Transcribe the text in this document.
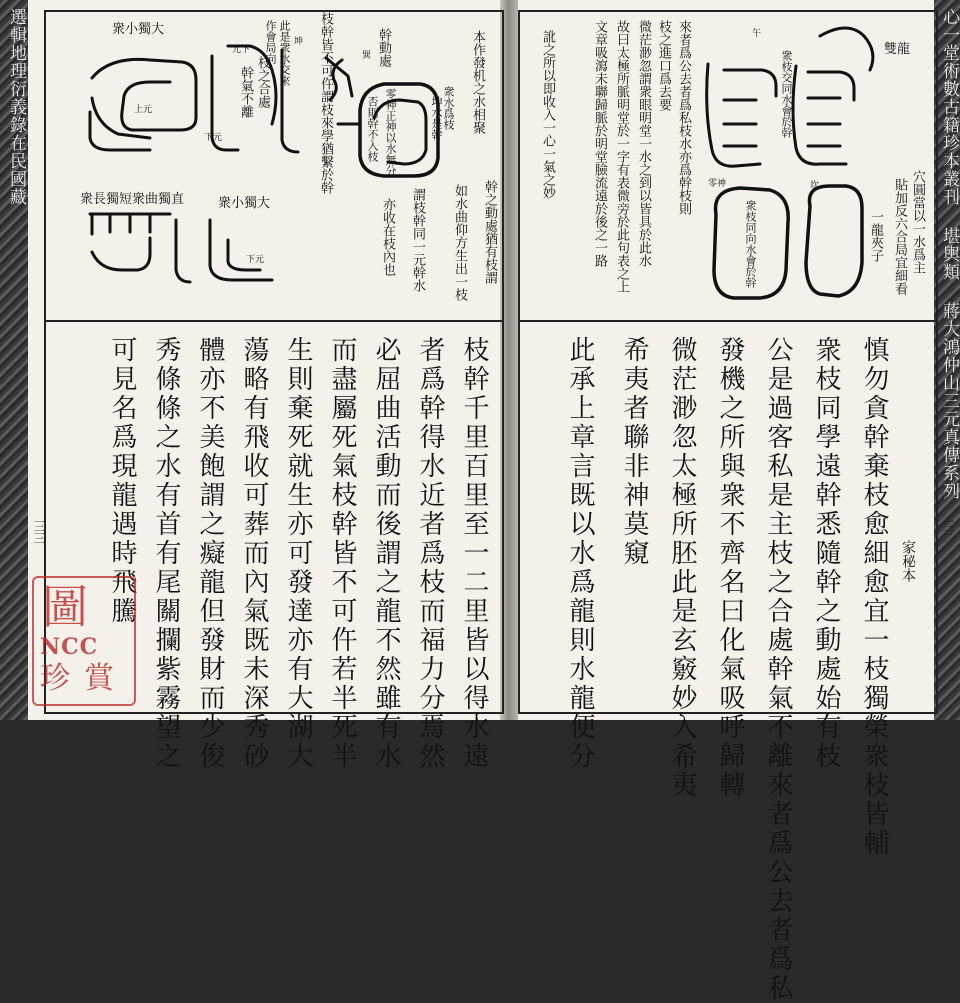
選輯地理衍義錄在民國藏	心一堂術數古籍珍本叢刊 堪輿類 蔣大鴻仲山三元真傳系列
三三	三二
衆小獨大
衆長獨短衆曲獨直	衆小獨大
上元
下元
下元
元下
坤
巽	本作發机之水相聚
此是衆水交來
作會局向
枝之合處
幹氣不離
幹動處
枝幹皆不可仵謂枝來學猶繫於幹	衆水爲枝
坤水是幹
零神正神以水無分
否則幹不入枝
幹之動處猶有枝謂
如水曲仰方生出一枝
謂枝幹同一元幹水
亦收在枝內也
枝幹千里百里至一二里皆以得水遠
者爲幹得水近者爲枝而福力分焉然
必屈曲活動而後謂之龍不然雖有水
而盡屬死氣枝幹皆不可仵若半死半
生則棄死就生亦可發達亦有大湖大
蕩略有飛收可葬而內氣既未深秀砂
體亦不美飽謂之癡龍但發財而少俊
秀條條之水有首有尾關攔紫霧望之
可見名爲現龍遇時飛騰
雙龍
午
坎
零神	穴圓當以一水爲主
貼加反六合局宜細看
衆枝交同水會於幹
一龍夾子
衆枝同向水會於幹
來者爲公去者爲私枝水亦爲幹枝則
枝之進口爲去要
微茫渺忽謂衆眼明堂一水之到以皆具於此水
故曰太極所脈明堂於一字有表微旁於此句表之上
文章吸瀉未聯歸脈於明堂臉流遠於後之一路
訛之所以即收入一心一氣之妙
家秘本
慎勿貪幹棄枝愈細愈宜一枝獨榮衆枝皆輔
衆枝同學遠幹悉隨幹之動處始有枝
公是過客私是主枝之合處幹氣不離來者爲公去者爲私
發機之所與衆不齊名曰化氣吸呼歸轉
微茫渺忽太極所胚此是玄竅妙入希夷
希夷者聯非神莫窺
此承上章言既以水爲龍則水龍便分
圖
NCC
珍賞
